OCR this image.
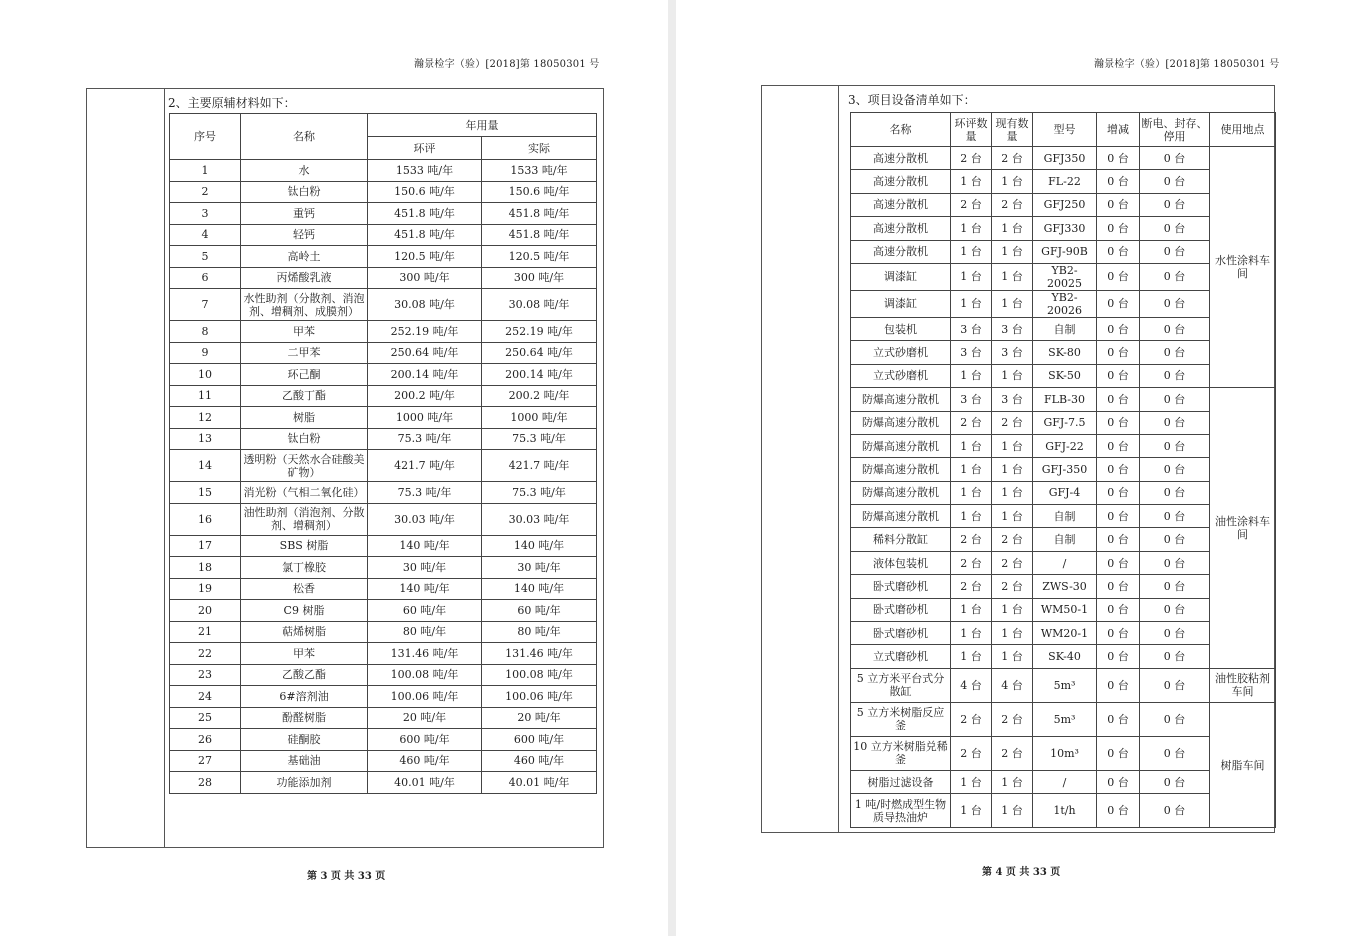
瀚景检字（验）[2018]第 18050301 号
2、主要原辅材料如下：
序号	名称	年用量	
		环评	实际
1	水	1533 吨/年	1533 吨/年
2	钛白粉	150.6 吨/年	150.6 吨/年
3	重钙	451.8 吨/年	451.8 吨/年
4	轻钙	451.8 吨/年	451.8 吨/年
5	高岭土	120.5 吨/年	120.5 吨/年
6	丙烯酸乳液	300 吨/年	300 吨/年
7	水性助剂（分散剂、消泡剂、增稠剂、成膜剂）	30.08 吨/年	30.08 吨/年
8	甲苯	252.19 吨/年	252.19 吨/年
9	二甲苯	250.64 吨/年	250.64 吨/年
10	环己酮	200.14 吨/年	200.14 吨/年
11	乙酸丁酯	200.2 吨/年	200.2 吨/年
12	树脂	1000 吨/年	1000 吨/年
13	钛白粉	75.3 吨/年	75.3 吨/年
14	透明粉（天然水合硅酸美矿物）	421.7 吨/年	421.7 吨/年
15	消光粉（气相二氧化硅）	75.3 吨/年	75.3 吨/年
16	油性助剂（消泡剂、分散剂、增稠剂）	30.03 吨/年	30.03 吨/年
17	SBS 树脂	140 吨/年	140 吨/年
18	氯丁橡胶	30 吨/年	30 吨/年
19	松香	140 吨/年	140 吨/年
20	C9 树脂	60 吨/年	60 吨/年
21	萜烯树脂	80 吨/年	80 吨/年
22	甲苯	131.46 吨/年	131.46 吨/年
23	乙酸乙酯	100.08 吨/年	100.08 吨/年
24	6#溶剂油	100.06 吨/年	100.06 吨/年
25	酚醛树脂	20 吨/年	20 吨/年
26	硅酮胶	600 吨/年	600 吨/年
27	基础油	460 吨/年	460 吨/年
28	功能添加剂	40.01 吨/年	40.01 吨/年
第 3 页 共 33 页
瀚景检字（验）[2018]第 18050301 号
3、项目设备清单如下：
名称	环评数量	现有数量	型号	增减	断电、封存、停用	使用地点
高速分散机	2 台	2 台	GFJ350	0 台	0 台	水性涂料车间
高速分散机	1 台	1 台	FL-22	0 台	0 台	
高速分散机	2 台	2 台	GFJ250	0 台	0 台	
高速分散机	1 台	1 台	GFJ330	0 台	0 台	
高速分散机	1 台	1 台	GFJ-90B	0 台	0 台	
调漆缸	1 台	1 台	YB2-20025	0 台	0 台	
调漆缸	1 台	1 台	YB2-20026	0 台	0 台	
包装机	3 台	3 台	自制	0 台	0 台	
立式砂磨机	3 台	3 台	SK-80	0 台	0 台	
立式砂磨机	1 台	1 台	SK-50	0 台	0 台	
防爆高速分散机	3 台	3 台	FLB-30	0 台	0 台	油性涂料车间
防爆高速分散机	2 台	2 台	GFJ-7.5	0 台	0 台	
防爆高速分散机	1 台	1 台	GFJ-22	0 台	0 台	
防爆高速分散机	1 台	1 台	GFJ-350	0 台	0 台	
防爆高速分散机	1 台	1 台	GFJ-4	0 台	0 台	
防爆高速分散机	1 台	1 台	自制	0 台	0 台	
稀料分散缸	2 台	2 台	自制	0 台	0 台	
液体包装机	2 台	2 台	/	0 台	0 台	
卧式磨砂机	2 台	2 台	ZWS-30	0 台	0 台	
卧式磨砂机	1 台	1 台	WM50-1	0 台	0 台	
卧式磨砂机	1 台	1 台	WM20-1	0 台	0 台	
立式磨砂机	1 台	1 台	SK-40	0 台	0 台	
5 立方米平台式分散缸	4 台	4 台	5m³	0 台	0 台	油性胶粘剂车间
5 立方米树脂反应釜	2 台	2 台	5m³	0 台	0 台	树脂车间
10 立方米树脂兑稀釜	2 台	2 台	10m³	0 台	0 台	
树脂过滤设备	1 台	1 台	/	0 台	0 台	
1 吨/时燃成型生物质导热油炉	1 台	1 台	1t/h	0 台	0 台	
第 4 页 共 33 页
